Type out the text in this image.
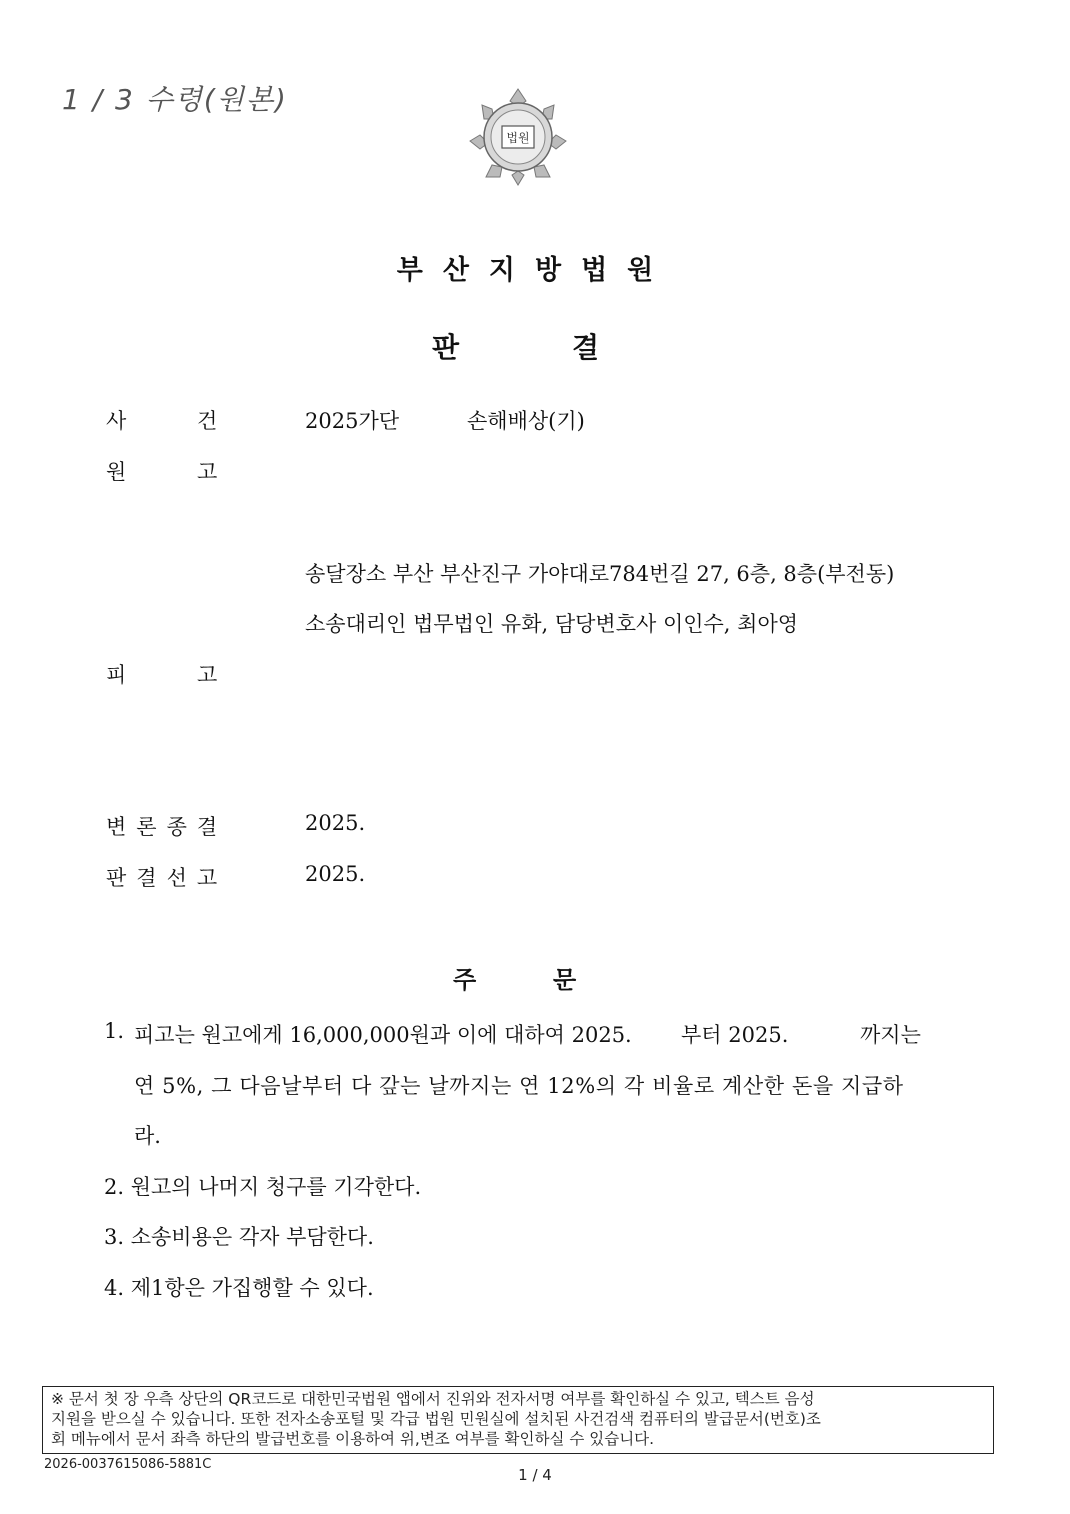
1 / 3 수령(원본)
법원
부산지방법원
판	결
사	건	2025가단	손해배상(기)
원	고
송달장소 부산 부산진구 가야대로784번길 27, 6층, 8층(부전동)
소송대리인 법무법인 유화, 담당변호사 이인수, 최아영
피	고
변론종결	2025.
판결선고	2025.
주	문
1. 피고는 원고에게 16,000,000원과 이에 대하여 2025. 부터 2025.	까지는
연 5%, 그 다음날부터 다 갚는 날까지는 연 12%의 각 비율로 계산한 돈을 지급하
라.
2. 원고의 나머지 청구를 기각한다.
3. 소송비용은 각자 부담한다.
4. 제1항은 가집행할 수 있다.
※ 문서 첫 장 우측 상단의 QR코드로 대한민국법원 앱에서 진위와 전자서명 여부를 확인하실 수 있고, 텍스트 음성
지원을 받으실 수 있습니다. 또한 전자소송포털 및 각급 법원 민원실에 설치된 사건검색 컴퓨터의 발급문서(번호)조
회 메뉴에서 문서 좌측 하단의 발급번호를 이용하여 위,변조 여부를 확인하실 수 있습니다.
2026-0037615086-5881C
1 / 4
